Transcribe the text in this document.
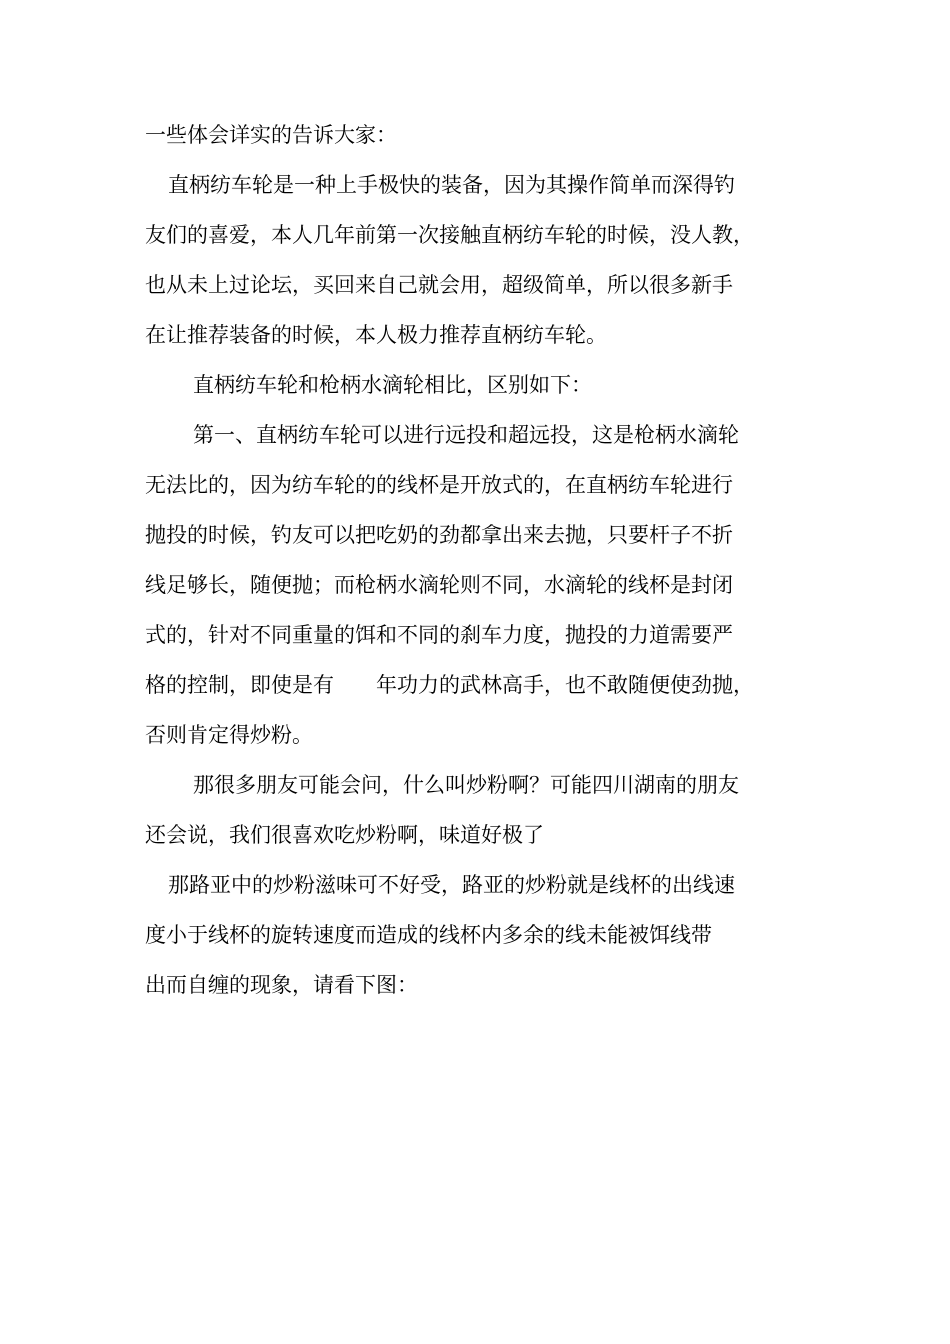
一些体会详实的告诉大家：

直柄纺车轮是一种上手极快的装备，因为其操作简单而深得钓

友们的喜爱，本人几年前第一次接触直柄纺车轮的时候，没人教，

也从未上过论坛，买回来自己就会用，超级简单，所以很多新手

在让推荐装备的时候，本人极力推荐直柄纺车轮。

直柄纺车轮和枪柄水滴轮相比，区别如下：

第一、直柄纺车轮可以进行远投和超远投，这是枪柄水滴轮

无法比的，因为纺车轮的的线杯是开放式的，在直柄纺车轮进行

抛投的时候，钓友可以把吃奶的劲都拿出来去抛，只要杆子不折

线足够长，随便抛；而枪柄水滴轮则不同，水滴轮的线杯是封闭

式的，针对不同重量的饵和不同的刹车力度，抛投的力道需要严

格的控制，即使是有　　年功力的武林高手，也不敢随便使劲抛，

否则肯定得炒粉。

那很多朋友可能会问，什么叫炒粉啊？可能四川湖南的朋友

还会说，我们很喜欢吃炒粉啊，味道好极了

那路亚中的炒粉滋味可不好受，路亚的炒粉就是线杯的出线速

度小于线杯的旋转速度而造成的线杯内多余的线未能被饵线带

出而自缠的现象，请看下图：
